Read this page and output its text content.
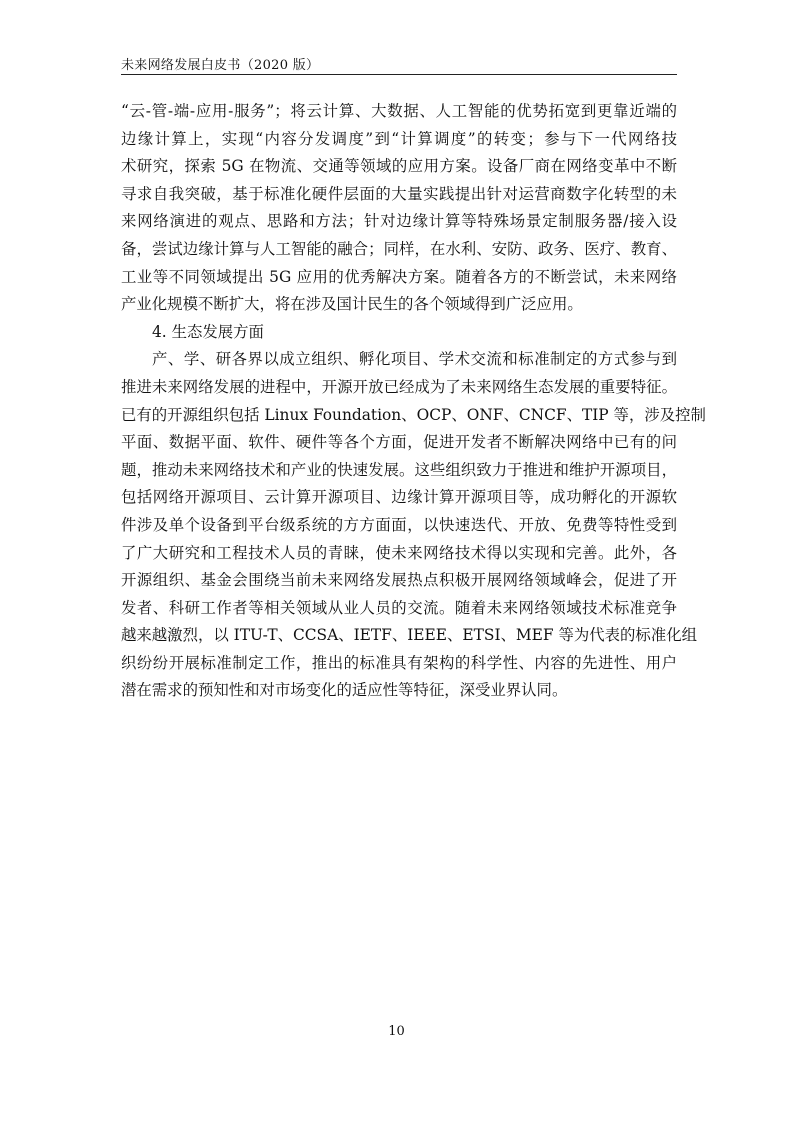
未来网络发展白皮书（2020 版）
“云-管-端-应用-服务”；将云计算、大数据、人工智能的优势拓宽到更靠近端的
边缘计算上，实现“内容分发调度”到“计算调度”的转变；参与下一代网络技
术研究，探索 5G 在物流、交通等领域的应用方案。设备厂商在网络变革中不断
寻求自我突破，基于标准化硬件层面的大量实践提出针对运营商数字化转型的未
来网络演进的观点、思路和方法；针对边缘计算等特殊场景定制服务器/接入设
备，尝试边缘计算与人工智能的融合；同样，在水利、安防、政务、医疗、教育、
工业等不同领域提出 5G 应用的优秀解决方案。随着各方的不断尝试，未来网络
产业化规模不断扩大，将在涉及国计民生的各个领域得到广泛应用。
4. 生态发展方面
产、学、研各界以成立组织、孵化项目、学术交流和标准制定的方式参与到
推进未来网络发展的进程中，开源开放已经成为了未来网络生态发展的重要特征。
已有的开源组织包括 Linux Foundation、OCP、ONF、CNCF、TIP 等，涉及控制
平面、数据平面、软件、硬件等各个方面，促进开发者不断解决网络中已有的问
题，推动未来网络技术和产业的快速发展。这些组织致力于推进和维护开源项目，
包括网络开源项目、云计算开源项目、边缘计算开源项目等，成功孵化的开源软
件涉及单个设备到平台级系统的方方面面，以快速迭代、开放、免费等特性受到
了广大研究和工程技术人员的青睐，使未来网络技术得以实现和完善。此外，各
开源组织、基金会围绕当前未来网络发展热点积极开展网络领域峰会，促进了开
发者、科研工作者等相关领域从业人员的交流。随着未来网络领域技术标准竞争
越来越激烈，以 ITU-T、CCSA、IETF、IEEE、ETSI、MEF 等为代表的标准化组
织纷纷开展标准制定工作，推出的标准具有架构的科学性、内容的先进性、用户
潜在需求的预知性和对市场变化的适应性等特征，深受业界认同。
10
